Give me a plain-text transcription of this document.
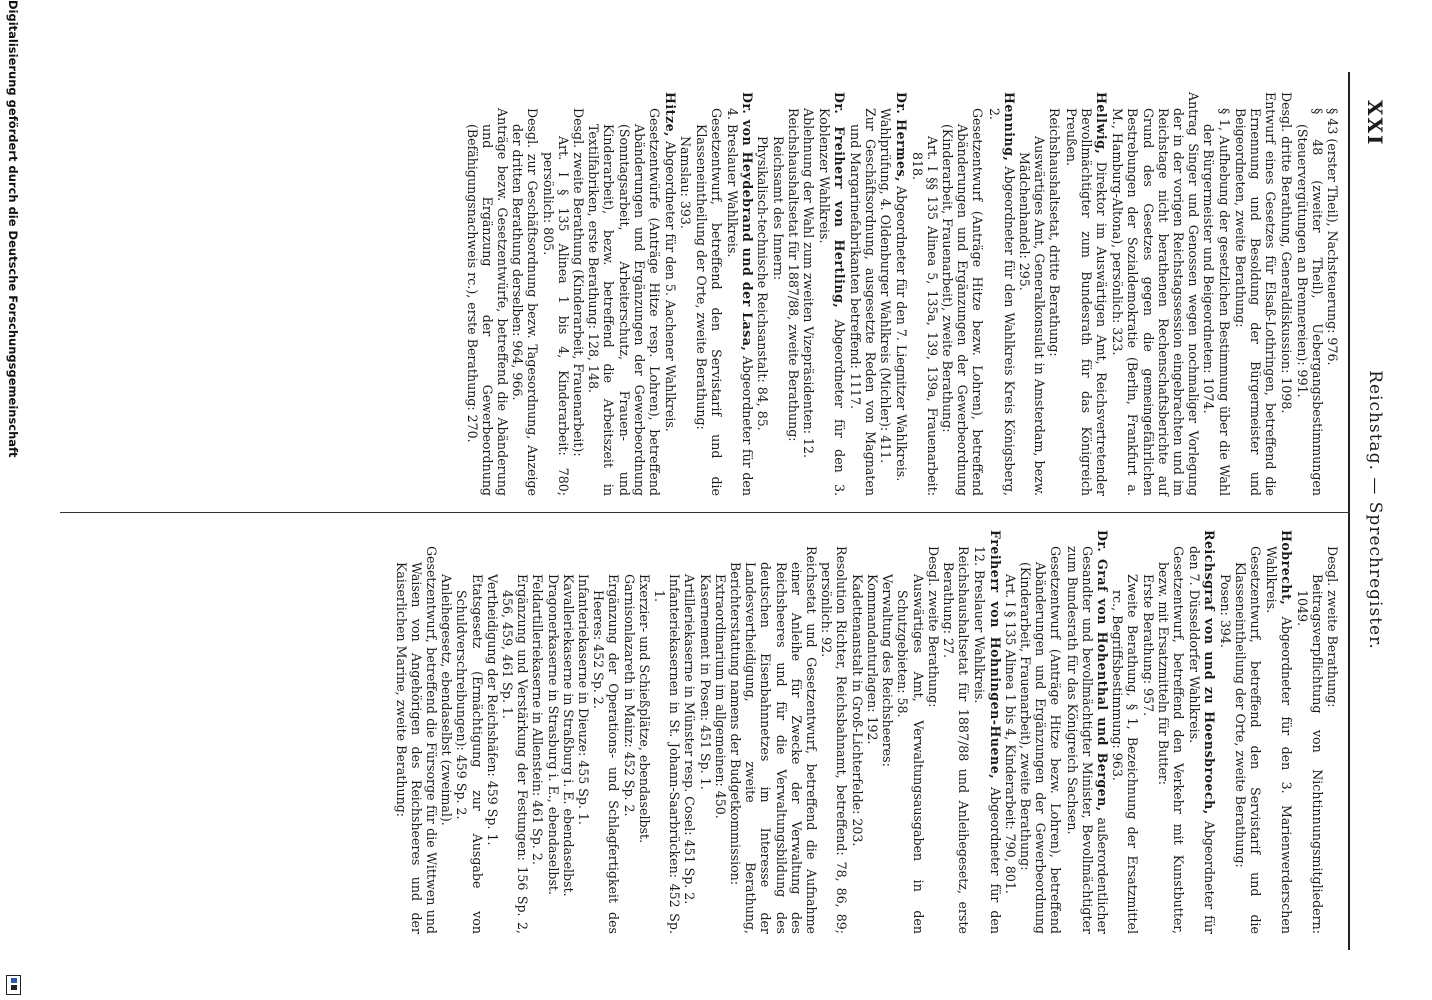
XXI
Reichstag. — Sprechregister.

§ 43 (erster Theil), Nachsteuerung: 976.

§ 48 (zweiter Theil), Uebergangsbestimmungen (Steuervergütungen an Brennereien): 991.

Desgl. dritte Berathung, Generaldiskussion: 1098.

Entwurf eines Gesetzes für Elsaß-Lothringen, betreffend die Ernennung und Besoldung der Bürgermeister und Beigeordneten, zweite Berathung:

§ 1, Aufhebung der gesetzlichen Bestimmung über die Wahl der Bürgermeister und Beigeordneten: 1074.

Antrag Singer und Genossen wegen nochmaliger Vorlegung der in der vorigen Reichstagssession eingebrachten und im Reichstage nicht berathenen Rechenschaftsberichte auf Grund des Gesetzes gegen die gemeingefährlichen Bestrebungen der Sozialdemokratie (Berlin, Frankfurt a. M., Hamburg-Altona), persönlich: 323.

Hellwig, Direktor im Auswärtigen Amt, Reichsvertretender Bevollmächtigter zum Bundesrath für das Königreich Preußen.

Reichshaushaltsetat, dritte Berathung:

Auswärtiges Amt, Generalkonsulat in Amsterdam, bezw. Mädchenhandel: 295.

Henning, Abgeordneter für den Wahlkreis Kreis Königsberg, 2.

Gesetzentwurf (Anträge Hitze bezw. Lohren), betreffend Abänderungen und Ergänzungen der Gewerbeordnung (Kinderarbeit, Frauenarbeit), zweite Berathung:

Art. I §§ 135 Alinea 5, 135a, 139, 139a, Frauenarbeit: 818.

Dr. Hermes, Abgeordneter für den 7. Liegnitzer Wahlkreis.

Wahlprüfung, 4. Oldenburger Wahlkreis (Michler): 411.

Zur Geschäftsordnung, ausgesetzte Reden von Magnaten und Margarinefabrikanten betreffend: 1117.

Dr. Freiherr von Hertling, Abgeordneter für den 3. Koblenzer Wahlkreis.

Ablehnung der Wahl zum zweiten Vizepräsidenten: 12.

Reichshaushaltsetat für 1887/88, zweite Berathung:

Reichsamt des Innern:

Physikalisch-technische Reichsanstalt: 84, 85.

Dr. von Heydebrand und der Lasa, Abgeordneter für den 4. Breslauer Wahlkreis.

Gesetzentwurf, betreffend den Servistarif und die Klasseneintheilung der Orte, zweite Berathung:

Namslau: 393.

Hitze, Abgeordneter für den 5. Aachener Wahlkreis.

Gesetzentwürfe (Anträge Hitze resp. Lohren), betreffend Abänderungen und Ergänzungen der Gewerbeordnung (Sonntagsarbeit, Arbeiterschutz, Frauen- und Kinderarbeit), bezw. betreffend die Arbeitszeit in Textilfabriken, erste Berathung: 128, 148.

Desgl. zweite Berathung (Kinderarbeit, Frauenarbeit):

Art. I § 135 Alinea 1 bis 4, Kinderarbeit: 780; persönlich: 805.

Desgl. zur Geschäftsordnung bezw. Tagesordnung, Anzeige der dritten Berathung derselben: 964, 966.

Anträge bezw. Gesetzentwürfe, betreffend die Abänderung und Ergänzung der Gewerbeordnung (Befähigungsnachweis rc.), erste Berathung: 270.

Desgl. zweite Berathung:

Beitragsverpflichtung von Nichtinnungsmitgliedern: 1049.

Hobrecht, Abgeordneter für den 3. Marienwerderschen Wahlkreis.

Gesetzentwurf, betreffend den Servistarif und die Klasseneintheilung der Orte, zweite Berathung:

Posen: 394.

Reichsgraf von und zu Hoensbroech, Abgeordneter für den 7. Düsseldorfer Wahlkreis.

Gesetzentwurf, betreffend den Verkehr mit Kunstbutter, bezw. mit Ersatzmitteln für Butter:

Erste Berathung: 957.

Zweite Berathung, § 1, Bezeichnung der Ersatzmittel rc., Begriffsbestimmung: 963.

Dr. Graf von Hohenthal und Bergen, außerordentlicher Gesandter und bevollmächtigter Minister, Bevollmächtigter zum Bundesrath für das Königreich Sachsen.

Gesetzentwurf (Anträge Hitze bezw. Lohren), betreffend Abänderungen und Ergänzungen der Gewerbeordnung (Kinderarbeit, Frauenarbeit), zweite Berathung:

Art. I § 135 Alinea 1 bis 4, Kinderarbeit: 790, 801.

Freiherr von Hohningen-Huene, Abgeordneter für den 12. Breslauer Wahlkreis.

Reichshaushaltsetat für 1887/88 und Anleihegesetz, erste Berathung: 27.

Desgl. zweite Berathung:

Auswärtiges Amt, Verwaltungsausgaben in den Schutzgebieten: 58.

Verwaltung des Reichsheeres:

Kommandanturlagen: 192.

Kadettenanstalt in Groß-Lichterfelde: 203.

Resolution Richter, Reichsbahnamt, betreffend: 78, 86, 89; persönlich: 92.

Reichsetat und Gesetzentwurf, betreffend die Aufnahme einer Anleihe für Zwecke der Verwaltung des Reichsheeres und für die Verwaltungsbildung des deutschen Eisenbahnnetzes im Interesse der Landesvertheidigung, zweite Berathung, Berichterstattung namens der Budgetkommission:

Extraordinarium im allgemeinen: 450.

Kasernement in Posen: 451 Sp. 1.

Artilleriekaserne in Münster resp. Cosel: 451 Sp. 2.

Infanteriekasernen in St. Johann-Saarbrücken: 452 Sp. 1.

Exerzier- und Schießplätze, ebendaselbst.

Garnisonlazareth in Mainz: 452 Sp. 2.

Ergänzung der Operations- und Schlagfertigkeit des Heeres: 452 Sp. 2.

Infanteriekaserne in Dieuze: 455 Sp. 1.

Kavalleriekaserne in Straßburg i. E. ebendaselbst.

Dragonerkaserne in Strasburg i. E., ebendaselbst.

Feldartilleriekaserne in Allenstein: 461 Sp. 2.

Ergänzung und Verstärkung der Festungen: 156 Sp. 2, 456, 459, 461 Sp. 1.

Vertheidigung der Reichshäfen: 459 Sp. 1.

Etatsgesetz (Ermächtigung zur Ausgabe von Schuldverschreibungen): 459 Sp. 2.

Anleihegesetz, ebendaselbst (zweimal).

Gesetzentwurf, betreffend die Fürsorge für die Wittwen und Waisen von Angehörigen des Reichsheeres und der Kaiserlichen Marine, zweite Berathung:

Digitalisierung gefördert durch die Deutsche Forschungsgemeinschaft
